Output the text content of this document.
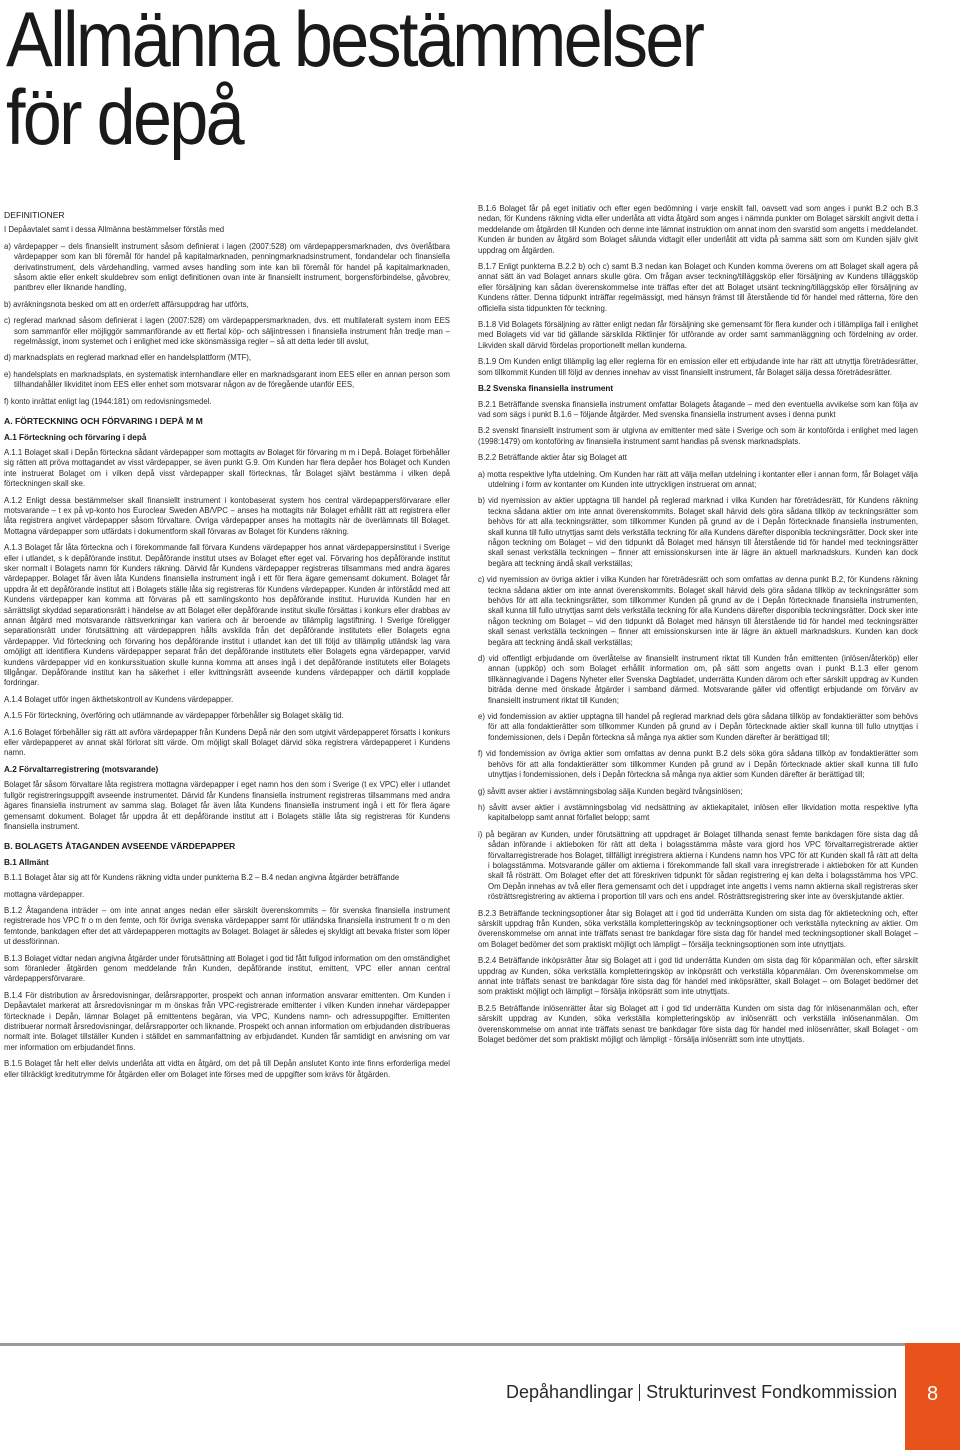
Allmänna bestämmelser
för depå
DEFINITIONER

I Depåavtalet samt i dessa Allmänna bestämmelser förstås med

a) värdepapper – dels finansiellt instrument såsom definierat i lagen (2007:528) om värdepappersmarknaden, dvs överlåtbara värdepapper som kan bli föremål för handel på kapitalmarknaden, penningmarknadsinstrument, fondandelar och finansiella derivatinstrument, dels värdehandling, varmed avses handling som inte kan bli föremål för handel på kapitalmarknaden, såsom aktie eller enkelt skuldebrev som enligt definitionen ovan inte är finansiellt instrument, borgensförbindelse, gåvobrev, pantbrev eller liknande handling,

b) avräkningsnota besked om att en order/ett affärsuppdrag har utförts,

c) reglerad marknad såsom definierat i lagen (2007:528) om värdepappersmarknaden, dvs. ett multilateralt system inom EES som sammanför eller möjliggör sammanförande av ett flertal köp- och säljintressen i finansiella instrument från tredje man – regelmässigt, inom systemet och i enlighet med icke skönsmässiga regler – så att detta leder till avslut,

d) marknadsplats en reglerad marknad eller en handelsplattform (MTF),

e) handelsplats en marknadsplats, en systematisk internhandlare eller en marknadsgarant inom EES eller en annan person som tillhandahåller likviditet inom EES eller enhet som motsvarar någon av de föregående utanför EES,

f) konto inrättat enligt lag (1944:181) om redovisningsmedel.

A. FÖRTECKNING OCH FÖRVARING I DEPÅ M M
A.1 Förteckning och förvaring i depå

A.1.1 Bolaget skall i Depån förteckna sådant värdepapper som mottagits av Bolaget för förvaring m m i Depå. Bolaget förbehåller sig rätten att pröva mottagandet av visst värdepapper, se även punkt G.9. Om Kunden har flera depåer hos Bolaget och Kunden inte instruerat Bolaget om i vilken depå visst värdepapper skall förtecknas, får Bolaget självt bestämma i vilken depå förteckningen skall ske.

A.1.2 Enligt dessa bestämmelser skall finansiellt instrument i kontobaserat system hos central värdepappersförvarare eller motsvarande – t ex på vp-konto hos Euroclear Sweden AB/VPC – anses ha mottagits när Bolaget erhållit rätt att registrera eller låta registrera angivet värdepapper såsom förvaltare. Övriga värdepapper anses ha mottagits när de överlämnats till Bolaget. Mottagna värdepapper som utfärdats i dokumentform skall förvaras av Bolaget för Kundens räkning.

A.1.3 Bolaget får låta förteckna och i förekommande fall förvara Kundens värdepapper hos annat värdepappersinstitut i Sverige eller i utlandet, s k depåförande institut. Depåförande institut utses av Bolaget efter eget val. Förvaring hos depåförande institut sker normalt i Bolagets namn för Kunders räkning. Därvid får Kundens värdepapper registreras tillsammans med andra ägares värdepapper. Bolaget får även låta Kundens finansiella instrument ingå i ett för flera ägare gemensamt dokument. Bolaget får uppdra åt ett depåförande institut att i Bolagets ställe låta sig registreras för Kundens värdepapper. Kunden är införstådd med att Kundens värdepapper kan komma att förvaras på ett samlingskonto hos depåförande institut. Huruvida Kunden har en särrättsligt skyddad separationsrätt i händelse av att Bolaget eller depåförande institut skulle försättas i konkurs eller drabbas av annan åtgärd med motsvarande rättsverkningar kan variera och är beroende av tillämplig lagstiftning. I Sverige föreligger separationsrätt under förutsättning att värdepappren hålls avskilda från det depåförande institutets eller Bolagets egna värdepapper. Vid förteckning och förvaring hos depåförande institut i utlandet kan det till följd av tillämplig utländsk lag vara omöjligt att identifiera Kundens värdepapper separat från det depåförande institutets eller Bolagets egna värdepapper, varvid kundens värdepapper vid en konkurssituation skulle kunna komma att anses ingå i det depåförande institutets eller Bolagets tillgångar. Depåförande institut kan ha säkerhet i eller kvittningsrätt avseende kundens värdepapper och därtill kopplade fordringar.

A.1.4 Bolaget utför ingen äkthetskontroll av Kundens värdepapper.

A.1.5 För förteckning, överföring och utlämnande av värdepapper förbehåller sig Bolaget skälig tid.

A.1.6 Bolaget förbehåller sig rätt att avföra värdepapper från Kundens Depå när den som utgivit värdepapperet försatts i konkurs eller värdepapperet av annat skäl förlorat sitt värde. Om möjligt skall Bolaget därvid söka registrera värdepapperet i Kundens namn.

A.2 Förvaltarregistrering (motsvarande)

Bolaget får såsom förvaltare låta registrera mottagna värdepapper i eget namn hos den som i Sverige (t ex VPC) eller i utlandet fullgör registreringsuppgift avseende instrumentet. Därvid får Kundens finansiella instrument registreras tillsammans med andra ägares finansiella instrument av samma slag. Bolaget får även låta Kundens finansiella instrument ingå i ett för flera ägare gemensamt dokument. Bolaget får uppdra åt ett depåförande institut att i Bolagets ställe låta sig registreras för Kundens finansiella instrument.

B. BOLAGETS ÅTAGANDEN AVSEENDE VÄRDEPAPPER
B.1 Allmänt

B.1.1 Bolaget åtar sig att för Kundens räkning vidta under punkterna B.2 – B.4 nedan angivna åtgärder beträffande

mottagna värdepapper.

B.1.2 Åtagandena inträder – om inte annat anges nedan eller särskilt överenskommits – för svenska finansiella instrument registrerade hos VPC fr o m den femte, och för övriga svenska värdepapper samt för utländska finansiella instrument fr o m den femtonde, bankdagen efter det att värdepapperen mottagits av Bolaget. Bolaget är således ej skyldigt att bevaka frister som löper ut dessförinnan.

B.1.3 Bolaget vidtar nedan angivna åtgärder under förutsättning att Bolaget i god tid fått fullgod information om den omständighet som föranleder åtgärden genom meddelande från Kunden, depåförande institut, emittent, VPC eller annan central värdepappersförvarare.

B.1.4 För distribution av årsredovisningar, delårsrapporter, prospekt och annan information ansvarar emittenten. Om Kunden i Depåavtalet markerat att årsredovisningar m m önskas från VPC-registrerade emittenter i vilken Kunden innehar värdepapper förtecknade i Depån, lämnar Bolaget på emittentens begäran, via VPC, Kundens namn- och adressuppgifter. Emittenten distribuerar normalt årsredovisningar, delårsrapporter och liknande. Prospekt och annan information om erbjudanden distribueras normalt inte. Bolaget tillställer Kunden i ställdet en sammanfattning av erbjudandet. Kunden får samtidigt en anvisning om var mer information om erbjudandet finns.

B.1.5 Bolaget får helt eller delvis underlåta att vidta en åtgärd, om det på till Depån anslutet Konto inte finns erforderliga medel eller tillräckligt kreditutrymme för åtgärden eller om Bolaget inte förses med de uppgifter som krävs för åtgärden.

B.1.6 Bolaget får på eget initiativ och efter egen bedömning i varje enskilt fall, oavsett vad som anges i punkt B.2 och B.3 nedan, för Kundens räkning vidta eller underlåta att vidta åtgärd som anges i nämnda punkter om Bolaget särskilt angivit detta i meddelande om åtgärden till Kunden och denne inte lämnat instruktion om annat inom den svarstid som angetts i meddelandet. Kunden är bunden av åtgärd som Bolaget sålunda vidtagit eller underlåtit att vidta på samma sätt som om Kunden själv givit uppdrag om åtgärden.

B.1.7 Enligt punkterna B.2.2 b) och c) samt B.3 nedan kan Bolaget och Kunden komma överens om att Bolaget skall agera på annat sätt än vad Bolaget annars skulle göra. Om frågan avser teckning/tilläggsköp eller försäljning av Kundens tilläggsköp eller försäljning kan sådan överenskommelse inte träffas efter det att Bolaget utsänt teckning/tilläggsköp eller försäljning av Kundens rätter. Denna tidpunkt inträffar regelmässigt, med hänsyn främst till återstående tid för handel med rätterna, före den officiella sista tidpunkten för teckning.

B.1.8 Vid Bolagets försäljning av rätter enligt nedan får försäljning ske gemensamt för flera kunder och i tillämpliga fall i enlighet med Bolagets vid var tid gällande särskilda Riktlinjer för utförande av order samt sammanläggning och fördelning av order. Likviden skall därvid fördelas proportionellt mellan kunderna.

B.1.9 Om Kunden enligt tillämplig lag eller reglerna för en emission eller ett erbjudande inte har rätt att utnyttja företrädesrätter, som tillkommit Kunden till följd av dennes innehav av visst finansiellt instrument, får Bolaget sälja dessa företrädesrätter.

B.2 Svenska finansiella instrument

B.2.1 Beträffande svenska finansiella instrument omfattar Bolagets åtagande – med den eventuella avvikelse som kan följa av vad som sägs i punkt B.1.6 – följande åtgärder. Med svenska finansiella instrument avses i denna punkt

B.2 svenskt finansiellt instrument som är utgivna av emittenter med säte i Sverige och som är kontoförda i enlighet med lagen (1998:1479) om kontoföring av finansiella instrument samt handlas på svensk marknadsplats.

B.2.2 Beträffande aktier åtar sig Bolaget att

a) motta respektive lyfta utdelning. Om Kunden har rätt att välja mellan utdelning i kontanter eller i annan form, får Bolaget välja utdelning i form av kontanter om Kunden inte uttryckligen instruerat om annat;

b) vid nyemission av aktier upptagna till handel på reglerad marknad i vilka Kunden har företrädesrätt, för Kundens räkning teckna sådana aktier om inte annat överenskommits. Bolaget skall härvid dels göra sådana tillköp av teckningsrätter som behövs för att alla teckningsrätter, som tillkommer Kunden på grund av de i Depån förtecknade finansiella instrumenten, skall kunna till fullo utnyttjas samt dels verkställa teckning för alla Kundens därefter disponibla teckningsrätter. Dock sker inte någon teckning om Bolaget – vid den tidpunkt då Bolaget med hänsyn till återstående tid för handel med teckningsrätter skall senast verkställa teckningen – finner att emissionskursen inte är lägre än aktuell marknadskurs. Kunden kan dock begära att teckning ändå skall verkställas;

c) vid nyemission av övriga aktier i vilka Kunden har företrädesrätt och som omfattas av denna punkt B.2, för Kundens räkning teckna sådana aktier om inte annat överenskommits. Bolaget skall härvid dels göra sådana tillköp av teckningsrätter som behövs för att alla teckningsrätter, som tillkommer Kunden på grund av de i Depån förtecknade finansiella instrumenten, skall kunna till fullo utnyttjas samt dels verkställa teckning för alla Kundens därefter disponibla teckningsrätter. Dock sker inte någon teckning om Bolaget – vid den tidpunkt då Bolaget med hänsyn till återstående tid för handel med teckningsrätter skall senast verkställa teckningen – finner att emissionskursen inte är lägre än aktuell marknadskurs. Kunden kan dock begära att teckning ändå skall verkställas;

d) vid offentligt erbjudande om överlåtelse av finansiellt instrument riktat till Kunden från emittenten (inlösen/återköp) eller annan (uppköp) och som Bolaget erhållit information om, på sätt som angetts ovan i punkt B.1.3 eller genom tillkännagivande i Dagens Nyheter eller Svenska Dagbladet, underrätta Kunden därom och efter särskilt uppdrag av Kunden biträda denne med önskade åtgärder i samband därmed. Motsvarande gäller vid offentligt erbjudande om förvärv av finansiellt instrument riktat till Kunden;

e) vid fondemission av aktier upptagna till handel på reglerad marknad dels göra sådana tillköp av fondaktierätter som behövs för att alla fondaktierätter som tillkommer Kunden på grund av i Depån förtecknade aktier skall kunna till fullo utnyttjas i fondemissionen, dels i Depån förteckna så många nya aktier som Kunden därefter är berättigad till;

f) vid fondemission av övriga aktier som omfattas av denna punkt B.2 dels söka göra sådana tillköp av fondaktierätter som behövs för att alla fondaktierätter som tillkommer Kunden på grund av i Depån förtecknade aktier skall kunna till fullo utnyttjas i fondemissionen, dels i Depån förteckna så många nya aktier som Kunden därefter är berättigad till;

g) såvitt avser aktier i avstämningsbolag sälja Kunden begärd tvångsinlösen;

h) såvitt avser aktier i avstämningsbolag vid nedsättning av aktiekapitalet, inlösen eller likvidation motta respektive lyfta kapitalbelopp samt annat förfallet belopp; samt

i) på begäran av Kunden, under förutsättning att uppdraget är Bolaget tillhanda senast femte bankdagen före sista dag då sådan införande i aktieboken för rätt att delta i bolagsstämma måste vara gjord hos VPC förvaltarregistrerade aktier förvaltarregistrerade hos Bolaget, tillfälligt inregistrera aktierna i Kundens namn hos VPC för att Kunden skall få rätt att delta i bolagsstämma. Motsvarande gäller om aktierna i förekommande fall skall vara inregistrerade i aktieboken för att Kunden skall få rösträtt. Om Bolaget efter det att föreskriven tidpunkt för sådan registrering ej kan delta i bolagsstämma hos VPC. Om Depån innehas av två eller flera gemensamt och det i uppdraget inte angetts i vems namn aktierna skall registreras sker rösträttsregistrering av aktierna i proportion till vars och ens andel. Rösträttsregistrering sker inte av överskjutande aktier.

B.2.3 Beträffande teckningsoptioner åtar sig Bolaget att i god tid underrätta Kunden om sista dag för aktieteckning och, efter särskilt uppdrag från Kunden, söka verkställa kompletteringsköp av teckningsoptioner och verkställa nyteckning av aktier. Om överenskommelse om annat inte träffats senast tre bankdagar före sista dag för handel med teckningsoptioner skall Bolaget – om Bolaget bedömer det som praktiskt möjligt och lämpligt – försälja teckningsoptionen som inte utnyttjats.

B.2.4 Beträffande inköpsrätter åtar sig Bolaget att i god tid underrätta Kunden om sista dag för köpanmälan och, efter särskilt uppdrag av Kunden, söka verkställa kompletteringsköp av inköpsrätt och verkställa köpanmälan. Om överenskommelse om annat inte träffats senast tre bankdagar före sista dag för handel med inköpsrätter, skall Bolaget – om Bolaget bedömer det som praktiskt möjligt och lämpligt – försälja inköpsrätt som inte utnyttjats.

B.2.5 Beträffande inlösenrätter åtar sig Bolaget att i god tid underrätta Kunden om sista dag för inlösenanmälan och, efter särskilt uppdrag av Kunden, söka verkställa kompletteringsköp av inlösenrätt och verkställa inlösenanmälan. Om överenskommelse om annat inte träffats senast tre bankdagar före sista dag för handel med inlösenrätter, skall Bolaget - om Bolaget bedömer det som praktiskt möjligt och lämpligt - försälja inlösenrätt som inte utnyttjats.

Depåhandlingar Strukturinvest Fondkommission	8
